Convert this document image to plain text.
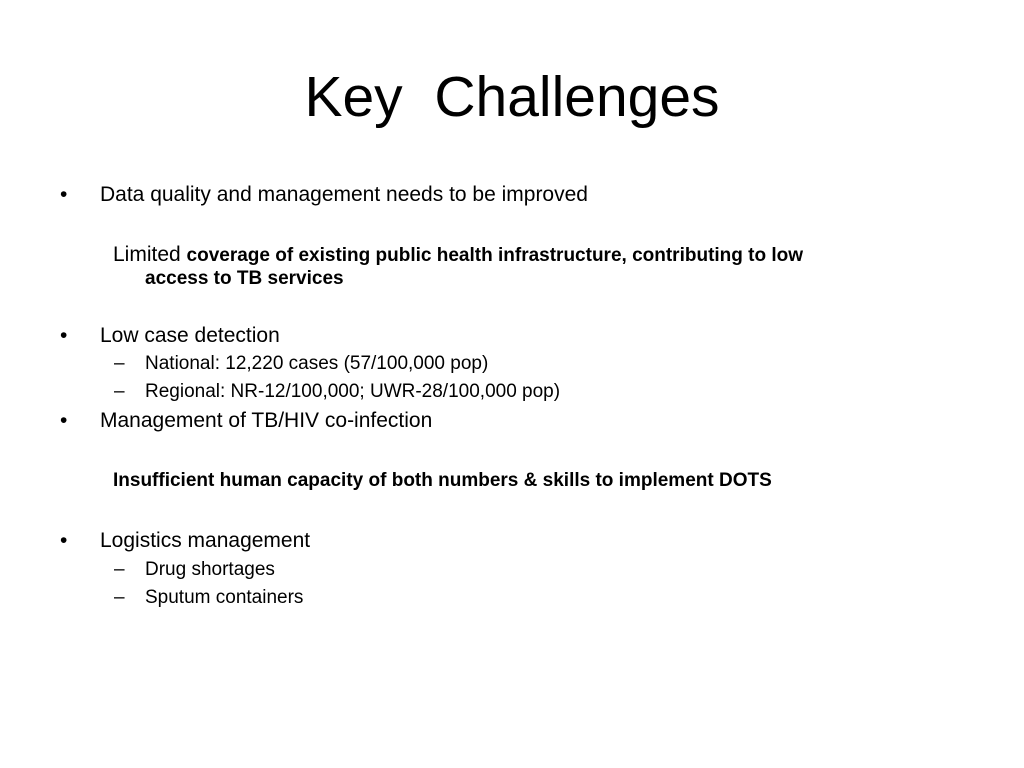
Key  Challenges
•	Data quality and management needs to be improved
Limited coverage of existing public health infrastructure, contributing to low
access to TB services
•	Low case detection
– National: 12,220 cases (57/100,000 pop)
– Regional: NR-12/100,000; UWR-28/100,000 pop)
•	Management of TB/HIV co-infection
Insufficient human capacity of both numbers & skills to implement DOTS
•	Logistics management
– Drug shortages
– Sputum containers
